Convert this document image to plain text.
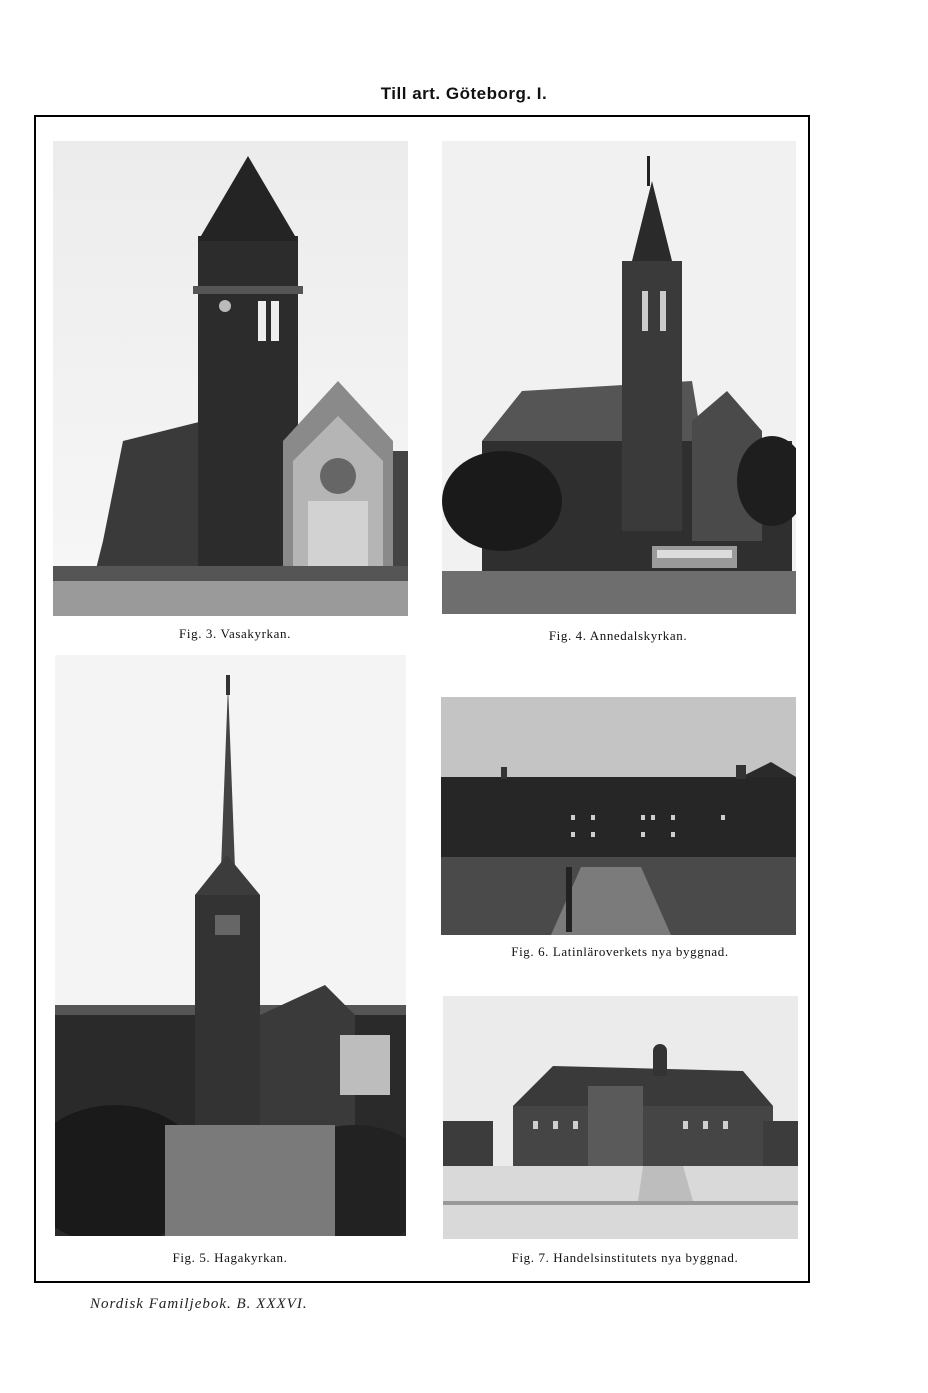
Till art. Göteborg. I.
Fig. 3. Vasakyrkan.	Fig. 4. Annedalskyrkan.
Fig. 5. Hagakyrkan.
Fig. 6. Latinläroverkets nya byggnad.
Fig. 7. Handelsinstitutets nya byggnad.
Nordisk Familjebok. B. XXXVI.
